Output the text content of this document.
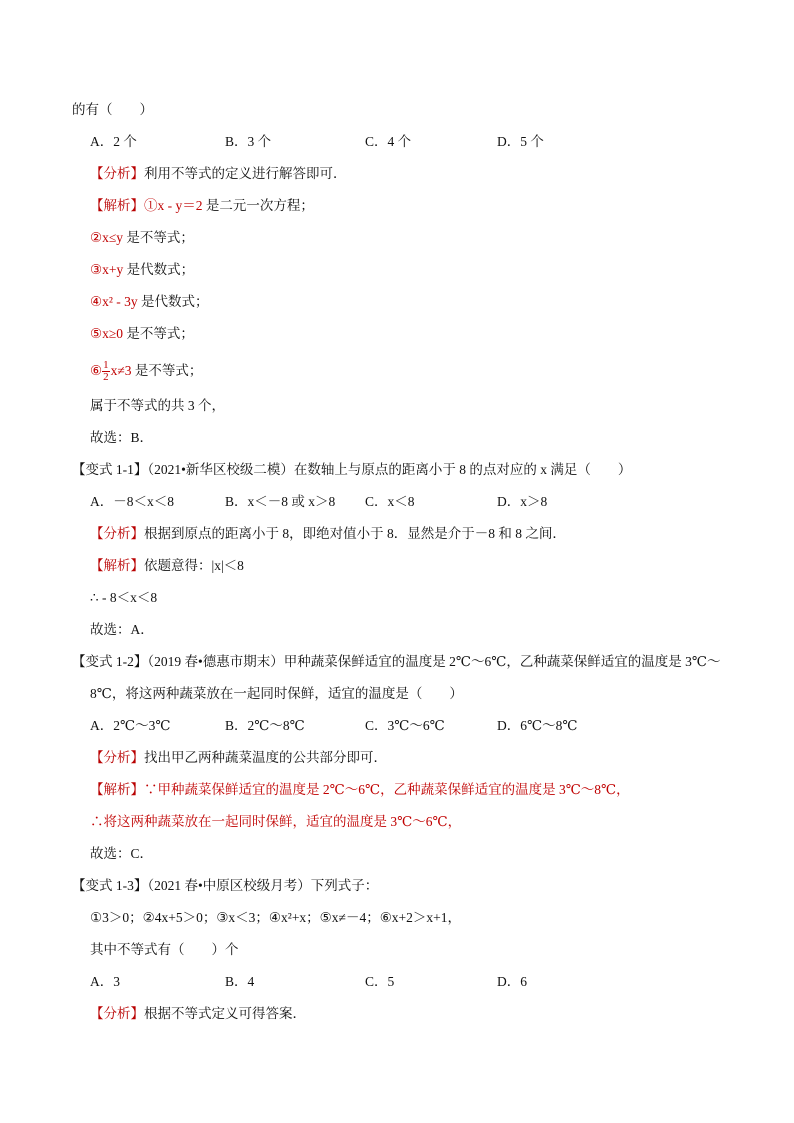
的有（　　）
A．2 个	B．3 个	C．4 个	D．5 个
【分析】利用不等式的定义进行解答即可．
【解析】①x - y＝2 是二元一次方程；
②x≤y 是不等式；
③x+y 是代数式；
④x² - 3y 是代数式；
⑤x≥0 是不等式；
⑥ $\frac{1}{2} x\ne 3$ 是不等式；
属于不等式的共 3 个，
故选：B．
【变式 1-1】（2021•新华区校级二模）在数轴上与原点的距离小于 8 的点对应的 x 满足（　　）
A．－8＜x＜8	B．x＜－8 或 x＞8 C．x＜8	D．x＞8
【分析】根据到原点的距离小于 8，即绝对值小于 8．显然是介于－8 和 8 之间．
【解析】依题意得：|x|＜8
∴ - 8＜x＜8
故选：A．
【变式 1-2】（2019 春•德惠市期末）甲种蔬菜保鲜适宜的温度是 2℃～6℃，乙种蔬菜保鲜适宜的温度是 3℃～
8℃，将这两种蔬菜放在一起同时保鲜，适宜的温度是（　　）
A．2℃～3℃	B．2℃～8℃	C．3℃～6℃	D．6℃～8℃
【分析】找出甲乙两种蔬菜温度的公共部分即可．
【解析】∵甲种蔬菜保鲜适宜的温度是 2℃～6℃，乙种蔬菜保鲜适宜的温度是 3℃～8℃，
∴将这两种蔬菜放在一起同时保鲜，适宜的温度是 3℃～6℃，
故选：C．
【变式 1-3】（2021 春•中原区校级月考）下列式子：
①3＞0；②4x+5＞0；③x＜3；④x²+x；⑤x≠－4；⑥x+2＞x+1，
其中不等式有（　　）个
A．3	B．4	C．5	D．6
【分析】根据不等式定义可得答案．
